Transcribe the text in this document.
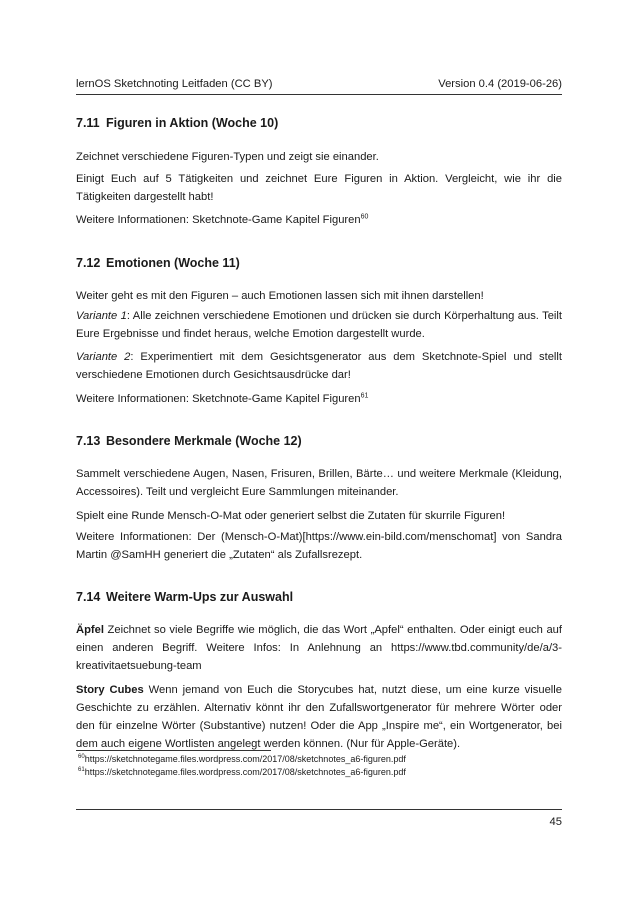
lernOS Sketchnoting Leitfaden (CC BY)	Version 0.4 (2019-06-26)
7.11 Figuren in Aktion (Woche 10)
Zeichnet verschiedene Figuren-Typen und zeigt sie einander.
Einigt Euch auf 5 Tätigkeiten und zeichnet Eure Figuren in Aktion. Vergleicht, wie ihr die Tätigkeiten dargestellt habt!
Weitere Informationen: Sketchnote-Game Kapitel Figuren$^{60}$
7.12 Emotionen (Woche 11)
Weiter geht es mit den Figuren – auch Emotionen lassen sich mit ihnen darstellen!
Variante 1: Alle zeichnen verschiedene Emotionen und drücken sie durch Körperhaltung aus. Teilt Eure Ergebnisse und findet heraus, welche Emotion dargestellt wurde.
Variante 2: Experimentiert mit dem Gesichtsgenerator aus dem Sketchnote-Spiel und stellt verschiedene Emotionen durch Gesichtsausdrücke dar!
Weitere Informationen: Sketchnote-Game Kapitel Figuren$^{61}$
7.13 Besondere Merkmale (Woche 12)
Sammelt verschiedene Augen, Nasen, Frisuren, Brillen, Bärte… und weitere Merkmale (Kleidung, Accessoires). Teilt und vergleicht Eure Sammlungen miteinander.
Spielt eine Runde Mensch-O-Mat oder generiert selbst die Zutaten für skurrile Figuren!
Weitere Informationen: Der (Mensch-O-Mat)[https://www.ein-bild.com/menschomat] von Sandra Martin @SamHH generiert die „Zutaten“ als Zufallsrezept.
7.14 Weitere Warm-Ups zur Auswahl
Äpfel Zeichnet so viele Begriffe wie möglich, die das Wort „Apfel“ enthalten. Oder einigt euch auf einen anderen Begriff. Weitere Infos: In Anlehnung an https://www.tbd.community/de/a/3-kreativitaetsuebung-team
Story Cubes Wenn jemand von Euch die Storycubes hat, nutzt diese, um eine kurze visuelle Geschichte zu erzählen. Alternativ könnt ihr den Zufallswortgenerator für mehrere Wörter oder den für einzelne Wörter (Substantive) nutzen! Oder die App „Inspire me“, ein Wortgenerator, bei dem auch eigene Wortlisten angelegt werden können. (Nur für Apple-Geräte).
$^{60}$https://sketchnotegame.files.wordpress.com/2017/08/sketchnotes_a6-figuren.pdf
$^{61}$https://sketchnotegame.files.wordpress.com/2017/08/sketchnotes_a6-figuren.pdf
45
